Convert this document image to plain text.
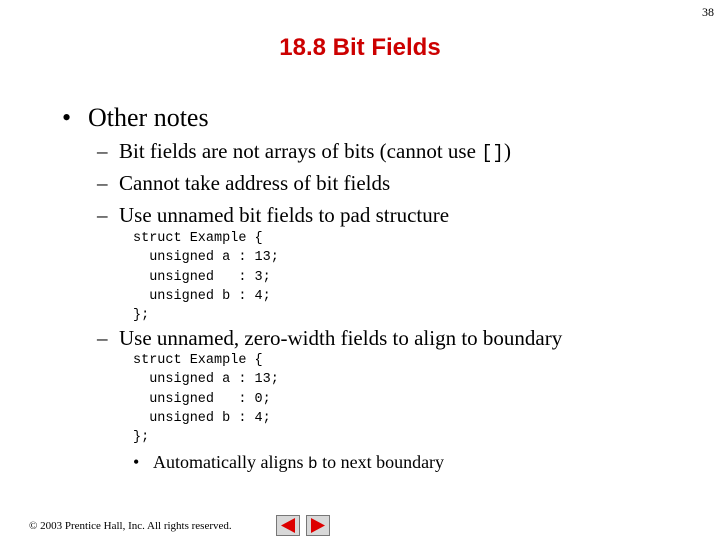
38
18.8 Bit Fields
• Other notes
– Bit fields are not arrays of bits (cannot use [])
– Cannot take address of bit fields
– Use unnamed bit fields to pad structure
struct Example {
unsigned a : 13;
unsigned   : 3;
unsigned b : 4;
};
– Use unnamed, zero-width fields to align to boundary
struct Example {
unsigned a : 13;
unsigned   : 0;
unsigned b : 4;
};
• Automatically aligns b to next boundary
© 2003 Prentice Hall, Inc. All rights reserved.
